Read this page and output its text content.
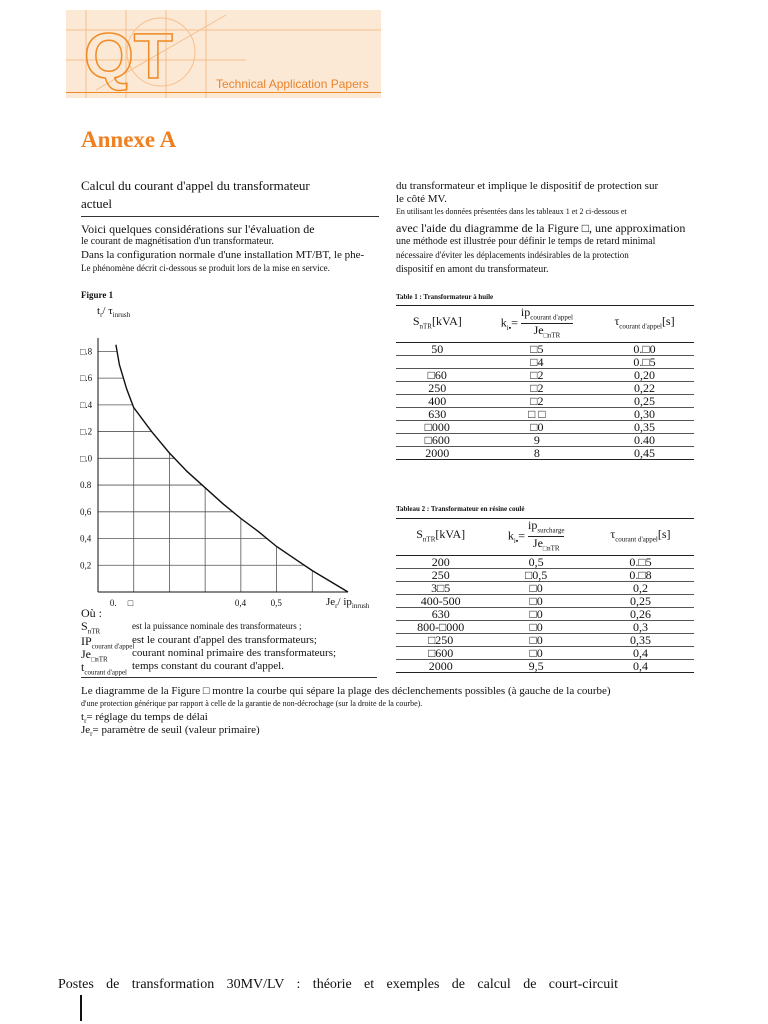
QT	Technical Application Papers
Annexe A
Calcul du courant d'appel du transformateur
actuel
Voici quelques considérations sur l'évaluation de
le courant de magnétisation d'un transformateur.
Dans la configuration normale d'une installation MT/BT, le phe-
Le phénomène décrit ci-dessous se produit lors de la mise en service.
du transformateur et implique le dispositif de protection sur
le côté MV.
En utilisant les données présentées dans les tableaux 1 et 2 ci-dessous et
avec l'aide du diagramme de la Figure □, une approximation
une méthode est illustrée pour définir le temps de retard minimal
nécessaire d'éviter les déplacements indésirables de la protection
dispositif en amont du transformateur.
Figure 1
$t_r/$ $\tau_{inrush}$
□.8
□.6
□.4
□.2
□.0
0.8
0,6
0,4
0,2
0. □	0,4	0,5	$Je_r/$ $ip_{inrush}$
Où :
$S_{nTR}$
est la puissance nominale des transformateurs ;
$IP_{courant d'appel}$
est le courant d'appel des transformateurs;
$Je_{□nTR}$
courant nominal primaire des transformateurs;
$t_{courant d'appel}$
temps constant du courant d'appel.
Table 1 : Transformateur à huile
$S_{nTR}[kVA]$	$k_{i▪}=$
$ip_{courant d'appel}$
$Je_{□nTR}$	$\tau_{courant d'appel}[s]$
50	□5	0.□0
	□4	0.□5
□60	□2	0,20
250	□2	0,22
400	□2	0,25
630	□ □	0,30
□000	□0	0,35
□600	9	0.40
2000	8	0,45
Tableau 2 : Transformateur en résine coulé
$S_{nTR}[kVA]$	$k_{i▪}=$
$ip_{surcharge}$
$Je_{□nTR}$	$\tau_{courant d'appel}[s]$
200	0,5	0.□5
250	□0,5	0.□8
3□5	□0	0,2
400-500	□0	0,25
630	□0	0,26
800-□000	□0	0,3
□250	□0	0,35
□600	□0	0,4
2000	9,5	0,4
Le diagramme de la Figure □ montre la courbe qui sépare la plage des déclenchements possibles (à gauche de la courbe)
d'une protection générique par rapport à celle de la garantie de non-décrochage (sur la droite de la courbe).
$t_r=$ réglage du temps de délai
$Je_r=$ paramètre de seuil (valeur primaire)
Postes de transformation 30MV/LV : théorie et exemples de calcul de court-circuit
